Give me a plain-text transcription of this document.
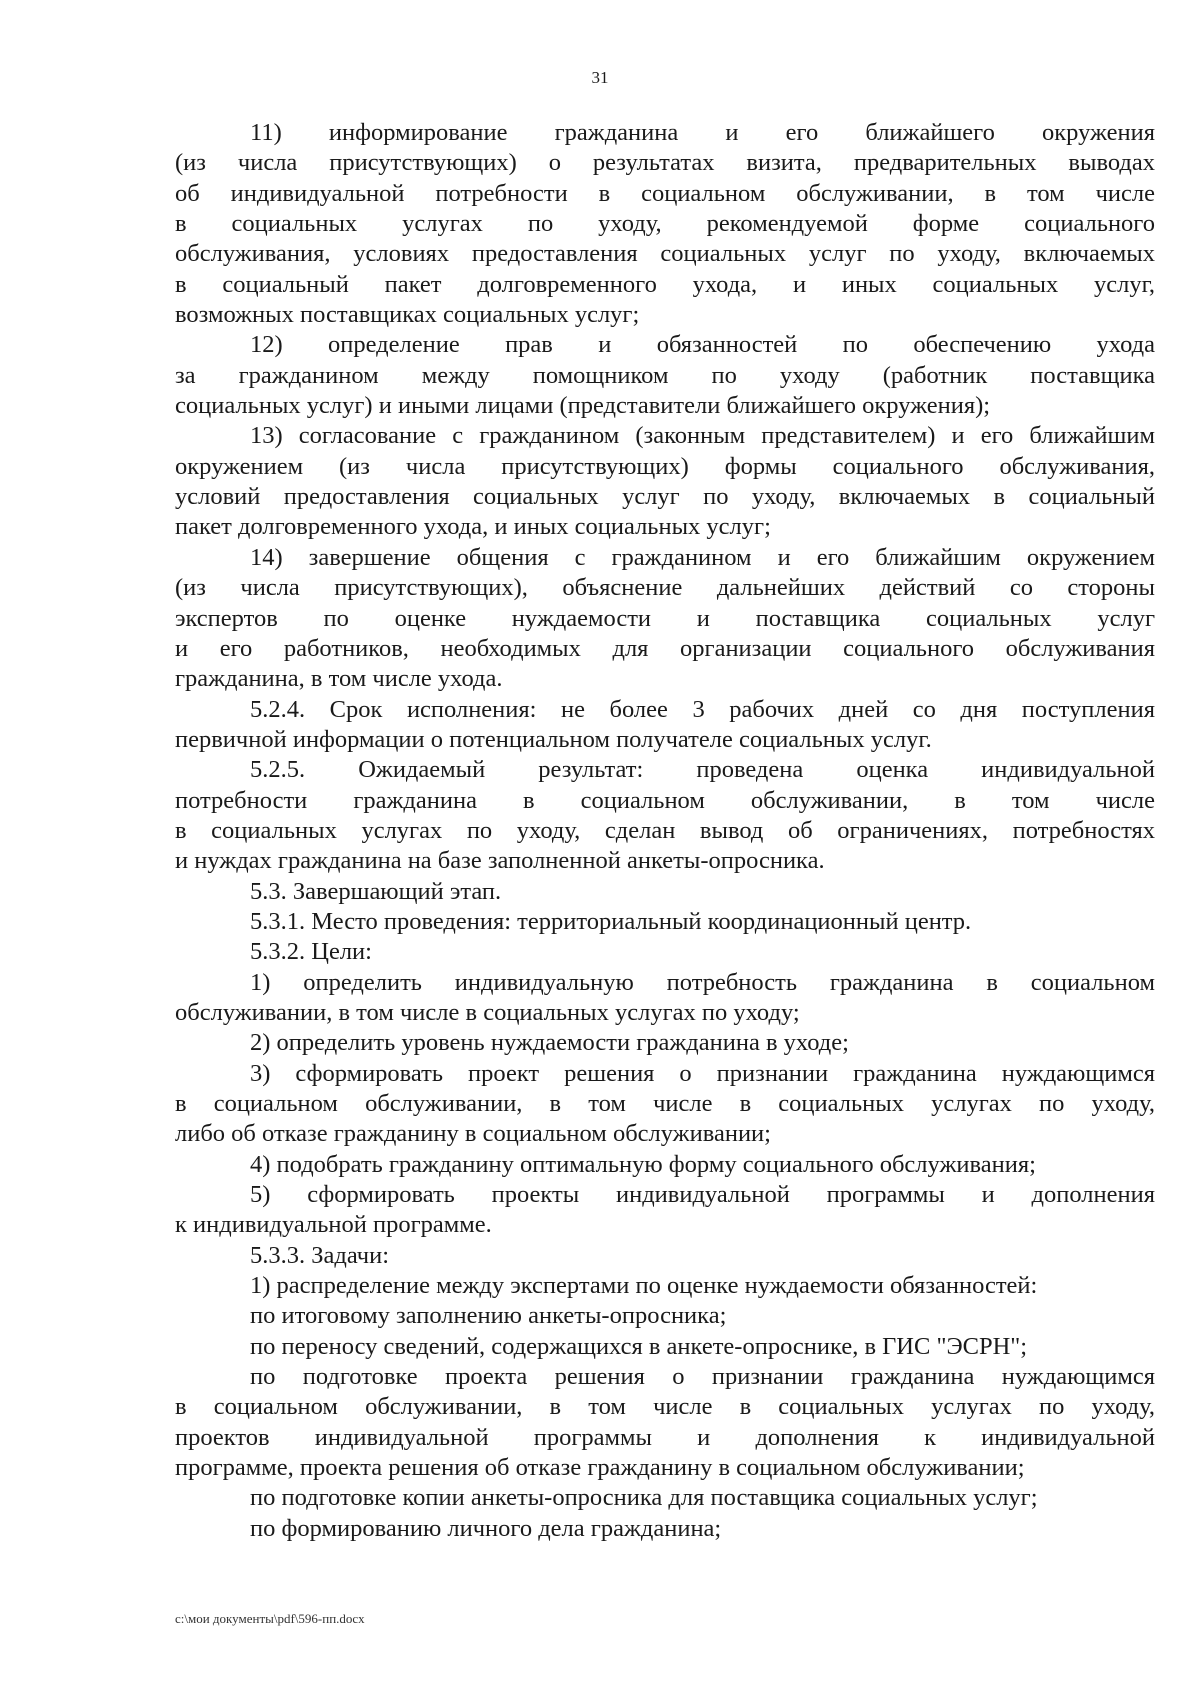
31
11) информирование гражданина и его ближайшего окружения
(из числа присутствующих) о результатах визита, предварительных выводах
об индивидуальной потребности в социальном обслуживании, в том числе
в социальных услугах по уходу, рекомендуемой форме социального
обслуживания, условиях предоставления социальных услуг по уходу, включаемых
в социальный пакет долговременного ухода, и иных социальных услуг,
возможных поставщиках социальных услуг;
12) определение прав и обязанностей по обеспечению ухода
за гражданином между помощником по уходу (работник поставщика
социальных услуг) и иными лицами (представители ближайшего окружения);
13) согласование с гражданином (законным представителем) и его ближайшим
окружением (из числа присутствующих) формы социального обслуживания,
условий предоставления социальных услуг по уходу, включаемых в социальный
пакет долговременного ухода, и иных социальных услуг;
14) завершение общения с гражданином и его ближайшим окружением
(из числа присутствующих), объяснение дальнейших действий со стороны
экспертов по оценке нуждаемости и поставщика социальных услуг
и его работников, необходимых для организации социального обслуживания
гражданина, в том числе ухода.
5.2.4. Срок исполнения: не более 3 рабочих дней со дня поступления
первичной информации о потенциальном получателе социальных услуг.
5.2.5. Ожидаемый результат: проведена оценка индивидуальной
потребности гражданина в социальном обслуживании, в том числе
в социальных услугах по уходу, сделан вывод об ограничениях, потребностях
и нуждах гражданина на базе заполненной анкеты-опросника.
5.3. Завершающий этап.
5.3.1. Место проведения: территориальный координационный центр.
5.3.2. Цели:
1) определить индивидуальную потребность гражданина в социальном
обслуживании, в том числе в социальных услугах по уходу;
2) определить уровень нуждаемости гражданина в уходе;
3) сформировать проект решения о признании гражданина нуждающимся
в социальном обслуживании, в том числе в социальных услугах по уходу,
либо об отказе гражданину в социальном обслуживании;
4) подобрать гражданину оптимальную форму социального обслуживания;
5) сформировать проекты индивидуальной программы и дополнения
к индивидуальной программе.
5.3.3. Задачи:
1) распределение между экспертами по оценке нуждаемости обязанностей:
по итоговому заполнению анкеты-опросника;
по переносу сведений, содержащихся в анкете-опроснике, в ГИС "ЭСРН";
по подготовке проекта решения о признании гражданина нуждающимся
в социальном обслуживании, в том числе в социальных услугах по уходу,
проектов индивидуальной программы и дополнения к индивидуальной
программе, проекта решения об отказе гражданину в социальном обслуживании;
по подготовке копии анкеты-опросника для поставщика социальных услуг;
по формированию личного дела гражданина;
c:\мои документы\pdf\596-пп.docx
